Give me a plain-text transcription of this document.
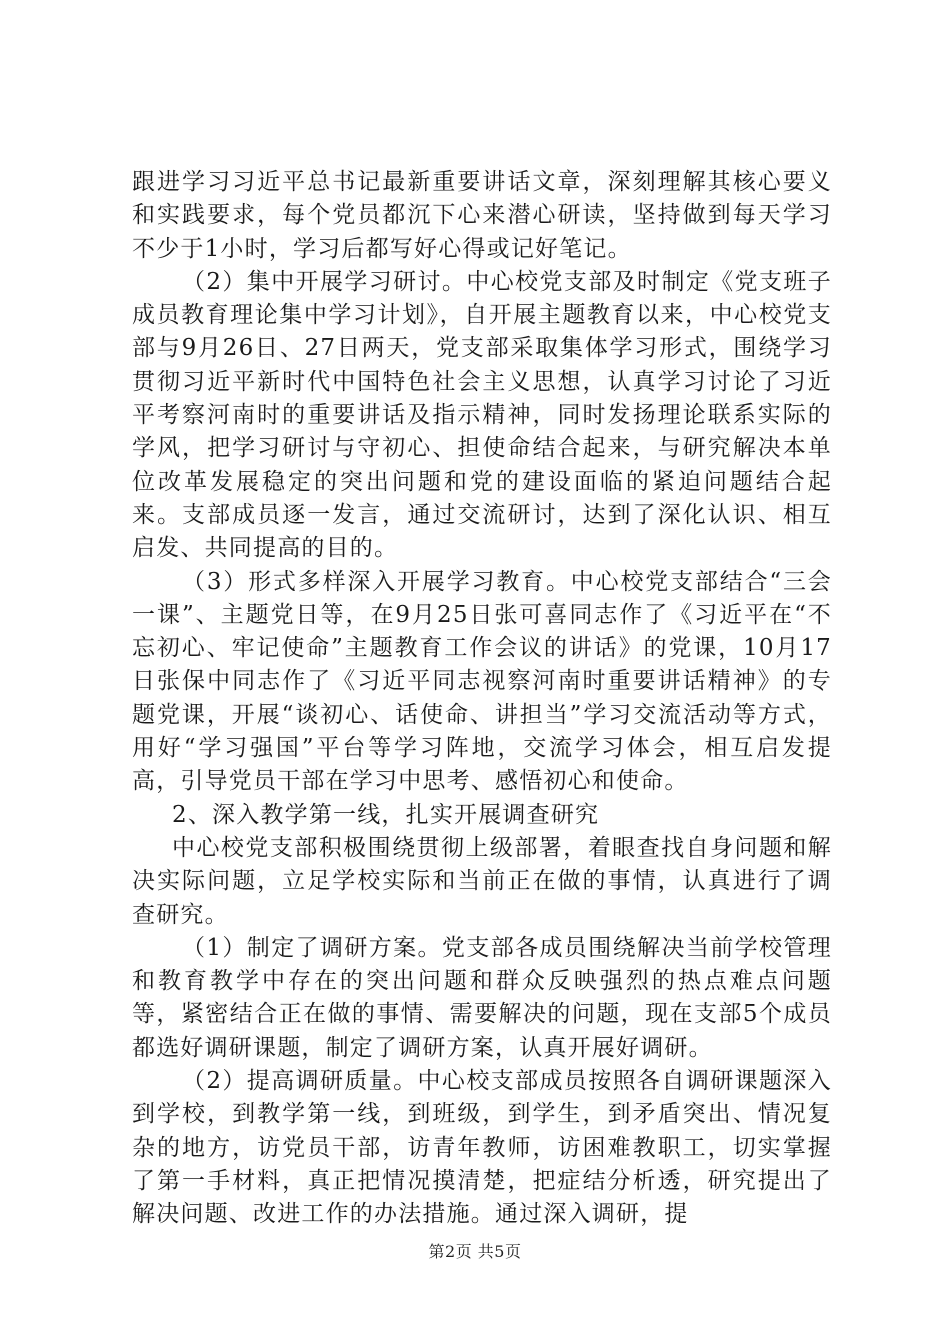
跟进学习习近平总书记最新重要讲话文章，深刻理解其核心要义和实践要求，每个党员都沉下心来潜心研读，坚持做到每天学习不少于1小时，学习后都写好心得或记好笔记。

（2）集中开展学习研讨。中心校党支部及时制定《党支班子成员教育理论集中学习计划》，自开展主题教育以来，中心校党支部与9月26日、27日两天，党支部采取集体学习形式，围绕学习贯彻习近平新时代中国特色社会主义思想，认真学习讨论了习近平考察河南时的重要讲话及指示精神，同时发扬理论联系实际的学风，把学习研讨与守初心、担使命结合起来，与研究解决本单位改革发展稳定的突出问题和党的建设面临的紧迫问题结合起来。支部成员逐一发言，通过交流研讨，达到了深化认识、相互启发、共同提高的目的。

（3）形式多样深入开展学习教育。中心校党支部结合“三会一课”、主题党日等，在9月25日张可喜同志作了《习近平在“不忘初心、牢记使命”主题教育工作会议的讲话》的党课，10月17日张保中同志作了《习近平同志视察河南时重要讲话精神》的专题党课，开展“谈初心、话使命、讲担当”学习交流活动等方式，用好“学习强国”平台等学习阵地，交流学习体会，相互启发提高，引导党员干部在学习中思考、感悟初心和使命。

2、深入教学第一线，扎实开展调查研究

中心校党支部积极围绕贯彻上级部署，着眼查找自身问题和解决实际问题，立足学校实际和当前正在做的事情，认真进行了调查研究。

（1）制定了调研方案。党支部各成员围绕解决当前学校管理和教育教学中存在的突出问题和群众反映强烈的热点难点问题等，紧密结合正在做的事情、需要解决的问题，现在支部5个成员都选好调研课题，制定了调研方案，认真开展好调研。

（2）提高调研质量。中心校支部成员按照各自调研课题深入到学校，到教学第一线，到班级，到学生，到矛盾突出、情况复杂的地方，访党员干部，访青年教师，访困难教职工，切实掌握了第一手材料，真正把情况摸清楚，把症结分析透，研究提出了解决问题、改进工作的办法措施。通过深入调研，提

第2页 共5页
